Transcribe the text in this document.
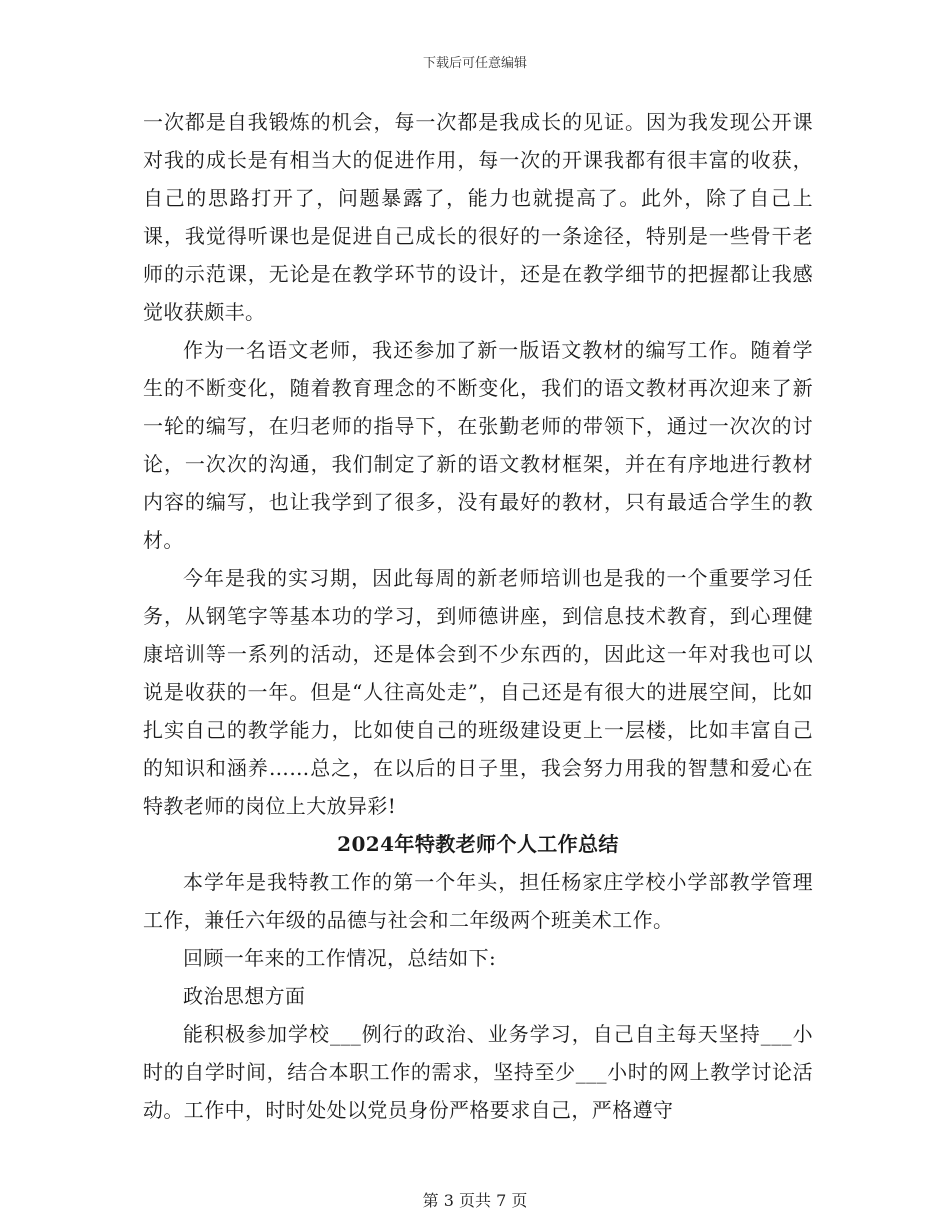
下载后可任意编辑

一次都是自我锻炼的机会，每一次都是我成长的见证。因为我发现公开课对我的成长是有相当大的促进作用，每一次的开课我都有很丰富的收获，自己的思路打开了，问题暴露了，能力也就提高了。此外，除了自己上课，我觉得听课也是促进自己成长的很好的一条途径，特别是一些骨干老师的示范课，无论是在教学环节的设计，还是在教学细节的把握都让我感觉收获颇丰。

作为一名语文老师，我还参加了新一版语文教材的编写工作。随着学生的不断变化，随着教育理念的不断变化，我们的语文教材再次迎来了新一轮的编写，在归老师的指导下，在张勤老师的带领下，通过一次次的讨论，一次次的沟通，我们制定了新的语文教材框架，并在有序地进行教材内容的编写，也让我学到了很多，没有最好的教材，只有最适合学生的教材。

今年是我的实习期，因此每周的新老师培训也是我的一个重要学习任务，从钢笔字等基本功的学习，到师德讲座，到信息技术教育，到心理健康培训等一系列的活动，还是体会到不少东西的，因此这一年对我也可以说是收获的一年。但是“人往高处走”，自己还是有很大的进展空间，比如扎实自己的教学能力，比如使自己的班级建设更上一层楼，比如丰富自己的知识和涵养……总之，在以后的日子里，我会努力用我的智慧和爱心在特教老师的岗位上大放异彩!

2024年特教老师个人工作总结

本学年是我特教工作的第一个年头，担任杨家庄学校小学部教学管理工作，兼任六年级的品德与社会和二年级两个班美术工作。

回顾一年来的工作情况，总结如下:

政治思想方面

能积极参加学校___例行的政治、业务学习，自己自主每天坚持___小时的自学时间，结合本职工作的需求，坚持至少___小时的网上教学讨论活动。工作中，时时处处以党员身份严格要求自己，严格遵守

第 3 页共 7 页
